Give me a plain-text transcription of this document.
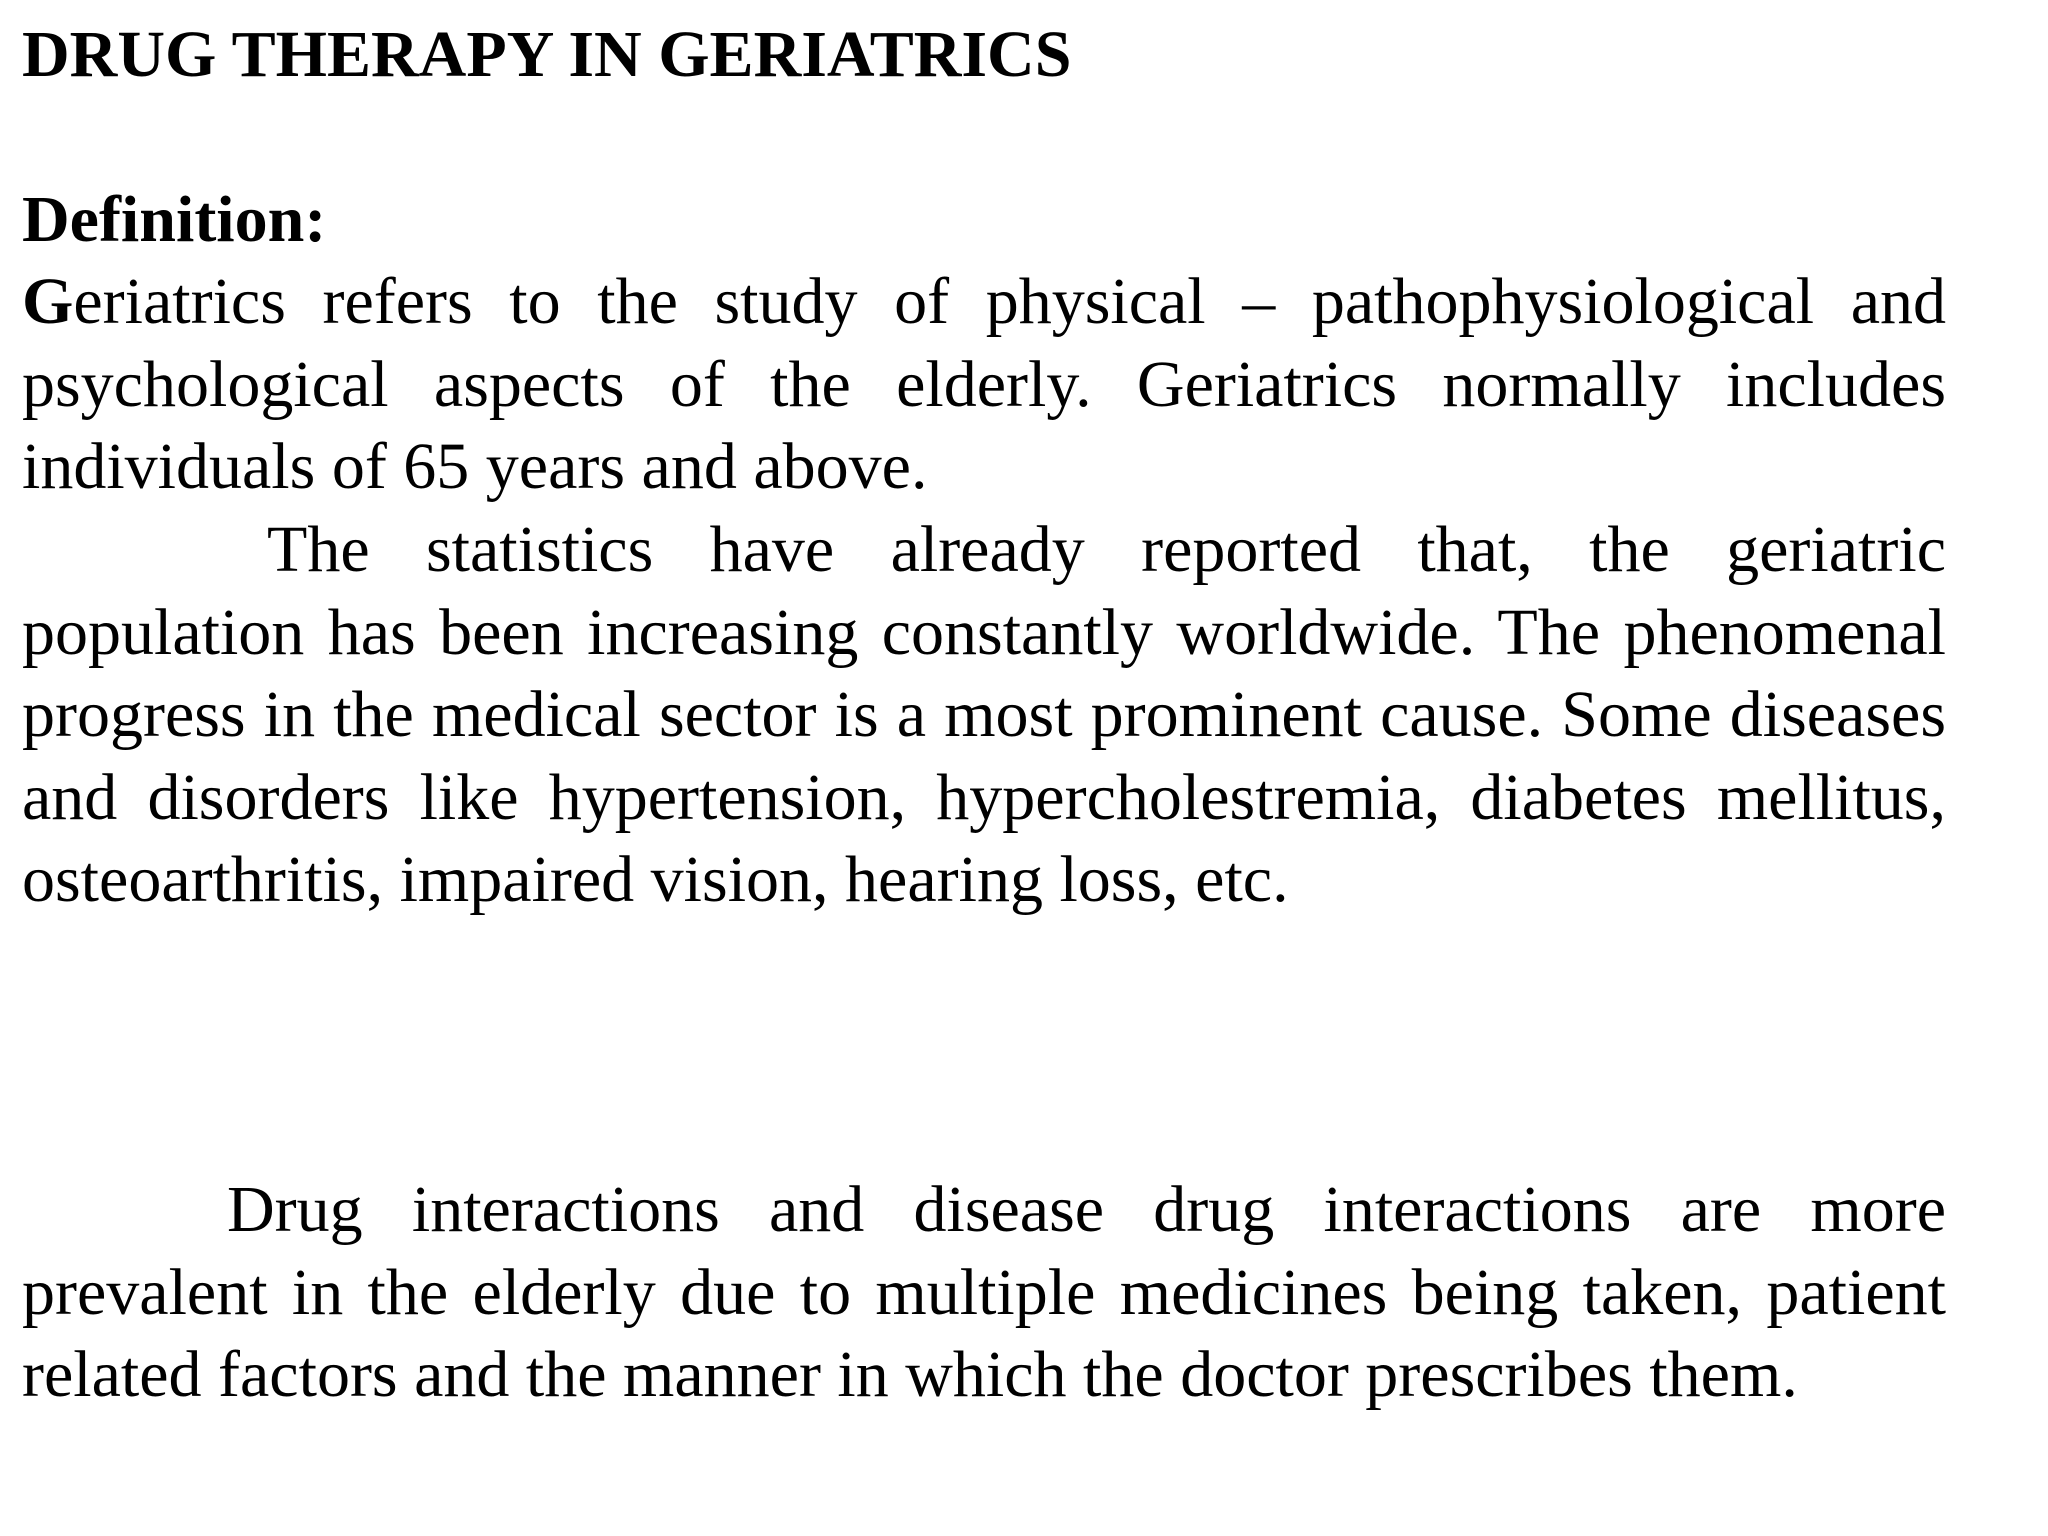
DRUG THERAPY IN GERIATRICS
Definition:

Geriatrics refers to the study of physical – pathophysiological and psychological aspects of the elderly. Geriatrics normally includes individuals of 65 years and above.

The statistics have already reported that, the geriatric population has been increasing constantly worldwide. The phenomenal progress in the medical sector is a most prominent cause. Some diseases and disorders like hypertension, hypercholestremia, diabetes mellitus, osteoarthritis, impaired vision, hearing loss, etc.

Drug interactions and disease drug interactions are more prevalent in the elderly due to multiple medicines being taken, patient related factors and the manner in which the doctor prescribes them.
